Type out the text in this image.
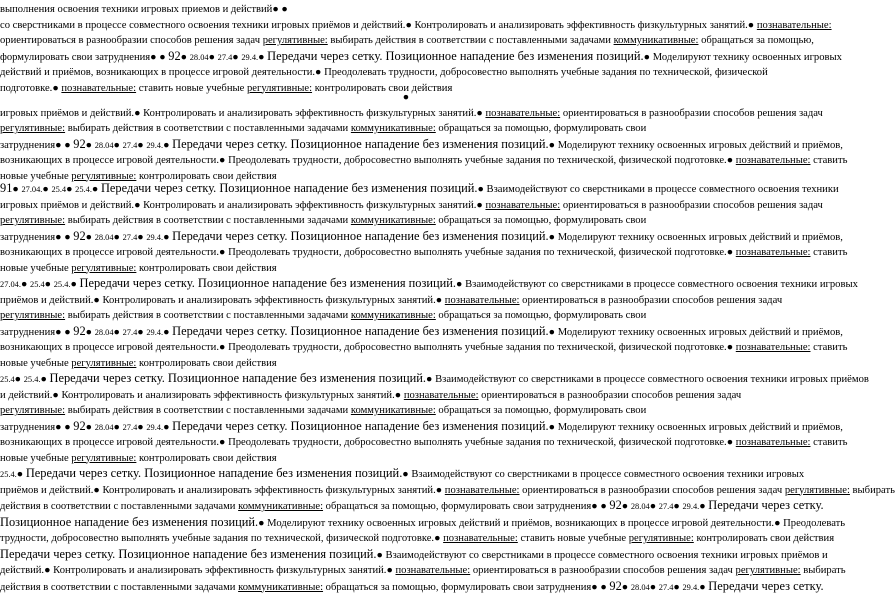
выполнения освоения техники игровых приемов и действий● ●
со сверстниками в процессе совместного освоения техники игровых приёмов и действий.● Контролировать и анализировать эффективность физкультурных занятий.● познавательные:
ориентироваться в разнообразии способов решения задач регулятивные: выбирать действия в соответствии с поставленными задачами коммуникативные: обращаться за помощью,
формулировать свои затруднения● ● 92● 28.04● 27.4● 29.4.● Передачи через сетку. Позиционное нападение без изменения позиций.● Моделируют технику освоенных игровых
действий и приёмов, возникающих в процессе игровой деятельности.● Преодолевать трудности, добросовестно выполнять учебные задания по технической, физической
подготовке.● познавательные: ставить новые учебные регулятивные: контролировать свои действия
●
игровых приёмов и действий.● Контролировать и анализировать эффективность физкультурных занятий.● познавательные: ориентироваться в разнообразии способов решения задач
регулятивные: выбирать действия в соответствии с поставленными задачами коммуникативные: обращаться за помощью, формулировать свои
затруднения● ● 92● 28.04● 27.4● 29.4.● Передачи через сетку. Позиционное нападение без изменения позиций.● Моделируют технику освоенных игровых действий и приёмов,
возникающих в процессе игровой деятельности.● Преодолевать трудности, добросовестно выполнять учебные задания по технической, физической подготовке.● познавательные: ставить
новые учебные регулятивные: контролировать свои действия
91● 27.04.● 25.4● 25.4.● Передачи через сетку. Позиционное нападение без изменения позиций.● Взаимодействуют со сверстниками в процессе совместного освоения техники
игровых приёмов и действий.● Контролировать и анализировать эффективность физкультурных занятий.● познавательные: ориентироваться в разнообразии способов решения задач
регулятивные: выбирать действия в соответствии с поставленными задачами коммуникативные: обращаться за помощью, формулировать свои
затруднения● ● 92● 28.04● 27.4● 29.4.● Передачи через сетку. Позиционное нападение без изменения позиций.● Моделируют технику освоенных игровых действий и приёмов,
возникающих в процессе игровой деятельности.● Преодолевать трудности, добросовестно выполнять учебные задания по технической, физической подготовке.● познавательные: ставить
новые учебные регулятивные: контролировать свои действия
27.04.● 25.4● 25.4.● Передачи через сетку. Позиционное нападение без изменения позиций.● Взаимодействуют со сверстниками в процессе совместного освоения техники игровых
приёмов и действий.● Контролировать и анализировать эффективность физкультурных занятий.● познавательные: ориентироваться в разнообразии способов решения задач
регулятивные: выбирать действия в соответствии с поставленными задачами коммуникативные: обращаться за помощью, формулировать свои
затруднения● ● 92● 28.04● 27.4● 29.4.● Передачи через сетку. Позиционное нападение без изменения позиций.● Моделируют технику освоенных игровых действий и приёмов,
возникающих в процессе игровой деятельности.● Преодолевать трудности, добросовестно выполнять учебные задания по технической, физической подготовке.● познавательные: ставить
новые учебные регулятивные: контролировать свои действия
25.4● 25.4.● Передачи через сетку. Позиционное нападение без изменения позиций.● Взаимодействуют со сверстниками в процессе совместного освоения техники игровых приёмов
и действий.● Контролировать и анализировать эффективность физкультурных занятий.● познавательные: ориентироваться в разнообразии способов решения задач
регулятивные: выбирать действия в соответствии с поставленными задачами коммуникативные: обращаться за помощью, формулировать свои
затруднения● ● 92● 28.04● 27.4● 29.4.● Передачи через сетку. Позиционное нападение без изменения позиций.● Моделируют технику освоенных игровых действий и приёмов,
возникающих в процессе игровой деятельности.● Преодолевать трудности, добросовестно выполнять учебные задания по технической, физической подготовке.● познавательные: ставить
новые учебные регулятивные: контролировать свои действия
25.4.● Передачи через сетку. Позиционное нападение без изменения позиций.● Взаимодействуют со сверстниками в процессе совместного освоения техники игровых
приёмов и действий.● Контролировать и анализировать эффективность физкультурных занятий.● познавательные: ориентироваться в разнообразии способов решения задач регулятивные: выбирать
действия в соответствии с поставленными задачами коммуникативные: обращаться за помощью, формулировать свои затруднения● ● 92● 28.04● 27.4● 29.4.● Передачи через сетку.
Позиционное нападение без изменения позиций.● Моделируют технику освоенных игровых действий и приёмов, возникающих в процессе игровой деятельности.● Преодолевать
трудности, добросовестно выполнять учебные задания по технической, физической подготовке.● познавательные: ставить новые учебные регулятивные: контролировать свои действия
Передачи через сетку. Позиционное нападение без изменения позиций.● Взаимодействуют со сверстниками в процессе совместного освоения техники игровых приёмов и
действий.● Контролировать и анализировать эффективность физкультурных занятий.● познавательные: ориентироваться в разнообразии способов решения задач регулятивные: выбирать
действия в соответствии с поставленными задачами коммуникативные: обращаться за помощью, формулировать свои затруднения● ● 92● 28.04● 27.4● 29.4.● Передачи через сетку.
